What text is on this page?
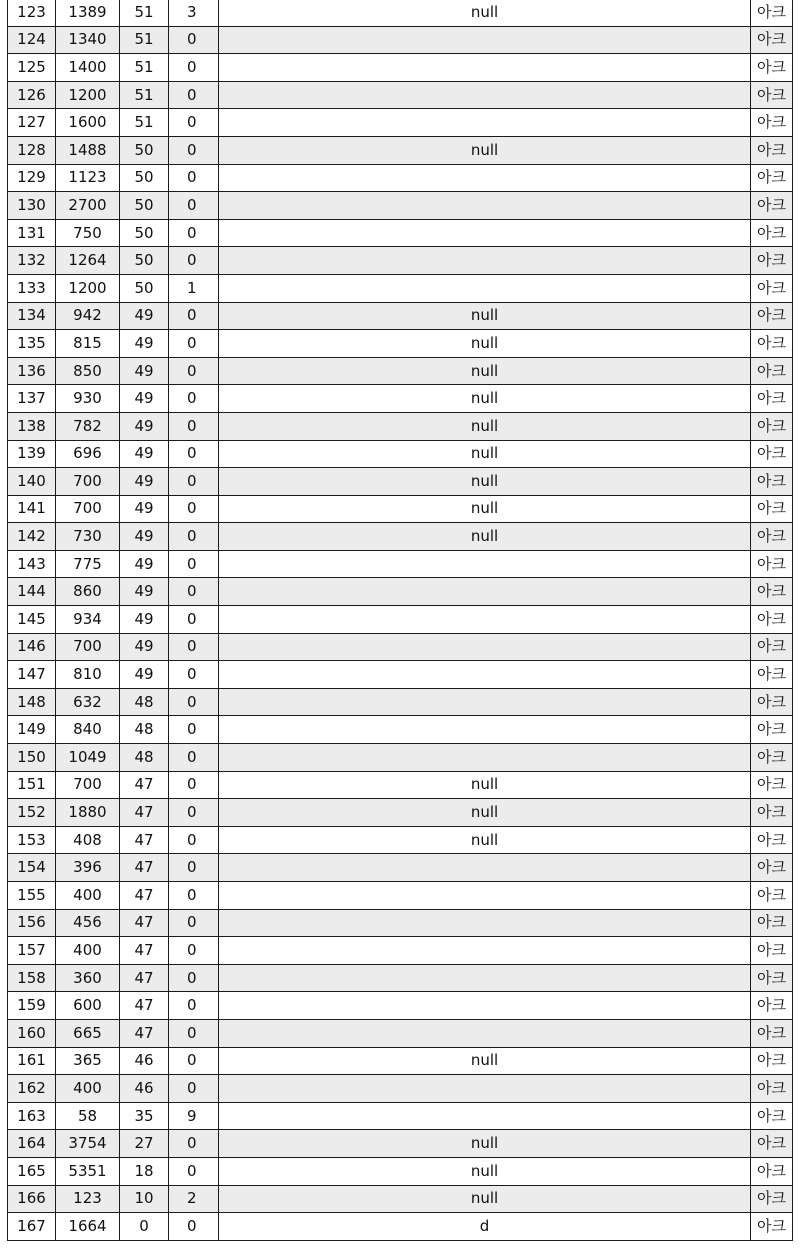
123	1389	51	3	null	아크	
124	1340	51	0		아크	
125	1400	51	0		아크	
126	1200	51	0		아크	
127	1600	51	0		아크	
128	1488	50	0	null	아크	
129	1123	50	0		아크	
130	2700	50	0		아크	
131	750	50	0		아크	
132	1264	50	0		아크	
133	1200	50	1		아크	
134	942	49	0	null	아크	
135	815	49	0	null	아크	
136	850	49	0	null	아크	
137	930	49	0	null	아크	
138	782	49	0	null	아크	
139	696	49	0	null	아크	
140	700	49	0	null	아크	
141	700	49	0	null	아크	
142	730	49	0	null	아크	
143	775	49	0		아크	
144	860	49	0		아크	
145	934	49	0		아크	
146	700	49	0		아크	
147	810	49	0		아크	
148	632	48	0		아크	
149	840	48	0		아크	
150	1049	48	0		아크	
151	700	47	0	null	아크	
152	1880	47	0	null	아크	
153	408	47	0	null	아크	
154	396	47	0		아크	
155	400	47	0		아크	
156	456	47	0		아크	
157	400	47	0		아크	
158	360	47	0		아크	
159	600	47	0		아크	
160	665	47	0		아크	
161	365	46	0	null	아크	
162	400	46	0		아크	
163	58	35	9		아크	
164	3754	27	0	null	아크	
165	5351	18	0	null	아크	
166	123	10	2	null	아크	
167	1664	0	0	d	아크	
